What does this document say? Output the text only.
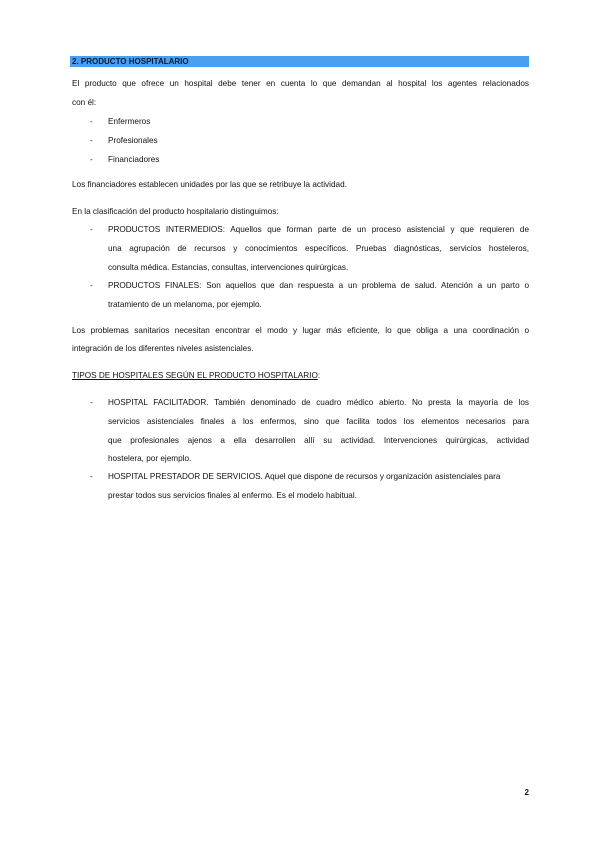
2. PRODUCTO HOSPITALARIO
El producto que ofrece un hospital debe tener en cuenta lo que demandan al hospital los agentes relacionados
con él:
- Enfermeros
- Profesionales
- Financiadores
Los financiadores establecen unidades por las que se retribuye la actividad.
En la clasificación del producto hospitalario distinguimos:
- PRODUCTOS INTERMEDIOS: Aquellos que forman parte de un proceso asistencial y que requieren de
una agrupación de recursos y conocimientos específicos. Pruebas diagnósticas, servicios hosteleros,
consulta médica. Estancias, consultas, intervenciones quirúrgicas.
- PRODUCTOS FINALES: Son aquellos que dan respuesta a un problema de salud. Atención a un parto o
tratamiento de un melanoma, por ejemplo.
Los problemas sanitarios necesitan encontrar el modo y lugar más eficiente, lo que obliga a una coordinación o
integración de los diferentes niveles asistenciales.
TIPOS DE HOSPITALES SEGÚN EL PRODUCTO HOSPITALARIO:
- HOSPITAL FACILITADOR. También denominado de cuadro médico abierto. No presta la mayoría de los
servicios asistenciales finales a los enfermos, sino que facilita todos los elementos necesarios para
que profesionales ajenos a ella desarrollen allí su actividad. Intervenciones quirúrgicas, actividad
hostelera, por ejemplo.
- HOSPITAL PRESTADOR DE SERVICIOS. Aquel que dispone de recursos y organización asistenciales para
prestar todos sus servicios finales al enfermo. Es el modelo habitual.
2
